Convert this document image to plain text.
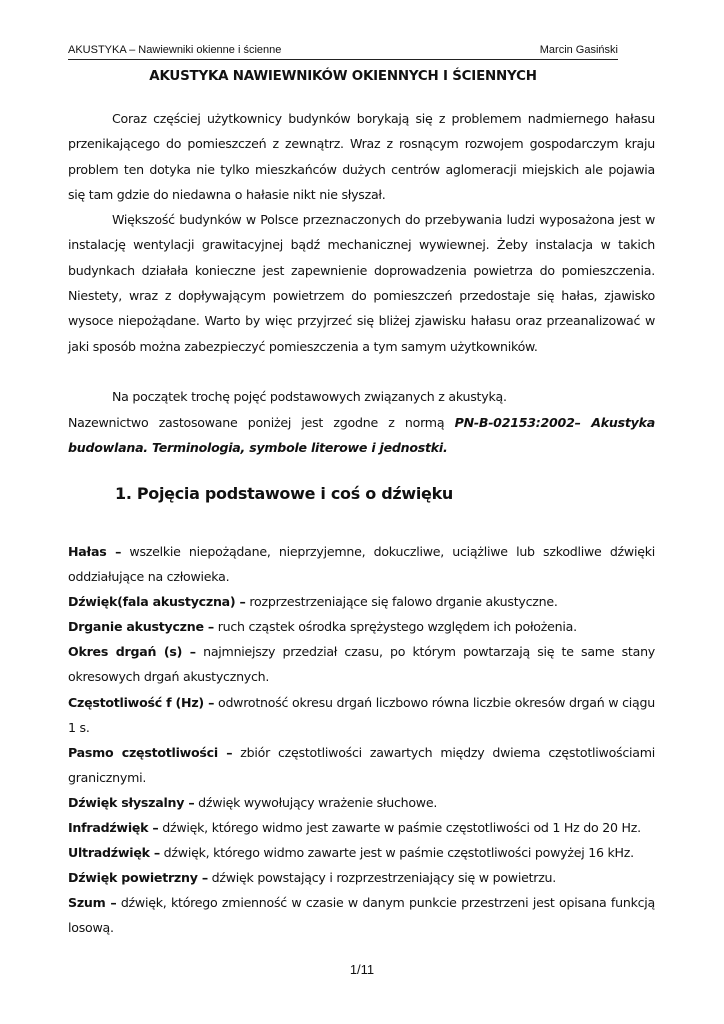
AKUSTYKA – Nawiewniki okienne i ścienne	Marcin Gasiński
AKUSTYKA NAWIEWNIKÓW OKIENNYCH I ŚCIENNYCH

Coraz częściej użytkownicy budynków borykają się z problemem nadmiernego hałasu przenikającego do pomieszczeń z zewnątrz. Wraz z rosnącym rozwojem gospodarczym kraju problem ten dotyka nie tylko mieszkańców dużych centrów aglomeracji miejskich ale pojawia się tam gdzie do niedawna o hałasie nikt nie słyszał.

Większość budynków w Polsce przeznaczonych do przebywania ludzi wyposażona jest w instalację wentylacji grawitacyjnej bądź mechanicznej wywiewnej. Żeby instalacja w takich budynkach działała konieczne jest zapewnienie doprowadzenia powietrza do pomieszczenia. Niestety, wraz z dopływającym powietrzem do pomieszczeń przedostaje się hałas, zjawisko wysoce niepożądane. Warto by więc przyjrzeć się bliżej zjawisku hałasu oraz przeanalizować w jaki sposób można zabezpieczyć pomieszczenia a tym samym użytkowników.

Na początek trochę pojęć podstawowych związanych z akustyką.

Nazewnictwo zastosowane poniżej jest zgodne z normą PN-B-02153:2002– Akustyka budowlana. Terminologia, symbole literowe i jednostki.

1. Pojęcia podstawowe i coś o dźwięku

Hałas – wszelkie niepożądane, nieprzyjemne, dokuczliwe, uciążliwe lub szkodliwe dźwięki oddziałujące na człowieka.

Dźwięk(fala akustyczna) – rozprzestrzeniające się falowo drganie akustyczne.

Drganie akustyczne – ruch cząstek ośrodka sprężystego względem ich położenia.

Okres drgań (s) – najmniejszy przedział czasu, po którym powtarzają się te same stany okresowych drgań akustycznych.

Częstotliwość f (Hz) – odwrotność okresu drgań liczbowo równa liczbie okresów drgań w ciągu 1 s.

Pasmo częstotliwości – zbiór częstotliwości zawartych między dwiema częstotliwościami granicznymi.

Dźwięk słyszalny – dźwięk wywołujący wrażenie słuchowe.

Infradźwięk – dźwięk, którego widmo jest zawarte w paśmie częstotliwości od 1 Hz do 20 Hz.

Ultradźwięk – dźwięk, którego widmo zawarte jest w paśmie częstotliwości powyżej 16 kHz.

Dźwięk powietrzny – dźwięk powstający i rozprzestrzeniający się w powietrzu.

Szum – dźwięk, którego zmienność w czasie w danym punkcie przestrzeni jest opisana funkcją losową.

1/11
